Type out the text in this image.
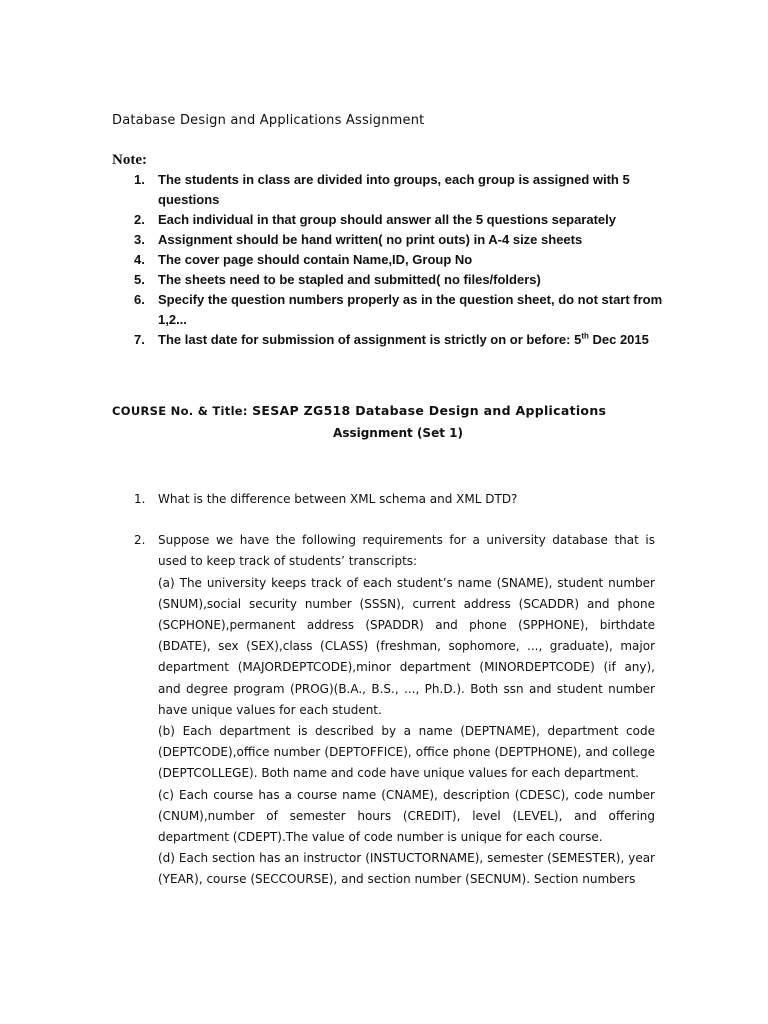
Database Design and Applications Assignment
Note:
1. The students in class are divided into groups, each group is assigned with 5 questions
2. Each individual in that group should answer all the 5 questions separately
3. Assignment should be hand written( no print outs) in A-4 size sheets
4. The cover page should contain Name,ID, Group No
5. The sheets need to be stapled and submitted( no files/folders)
6. Specify the question numbers properly as in the question sheet, do not start from 1,2...
7. The last date for submission of assignment is strictly on or before: 5th Dec 2015
COURSE No. & Title: SESAP ZG518 Database Design and Applications
Assignment (Set 1)
1. What is the difference between XML schema and XML DTD?
2. Suppose we have the following requirements for a university database that is used to keep track of students’ transcripts:
(a) The university keeps track of each student’s name (SNAME), student number (SNUM),social security number (SSSN), current address (SCADDR) and phone (SCPHONE),permanent address (SPADDR) and phone (SPPHONE), birthdate (BDATE), sex (SEX),class (CLASS) (freshman, sophomore, ..., graduate), major department (MAJORDEPTCODE),minor department (MINORDEPTCODE) (if any), and degree program (PROG)(B.A., B.S., ..., Ph.D.). Both ssn and student number have unique values for each student.
(b) Each department is described by a name (DEPTNAME), department code (DEPTCODE),office number (DEPTOFFICE), office phone (DEPTPHONE), and college (DEPTCOLLEGE). Both name and code have unique values for each department.
(c) Each course has a course name (CNAME), description (CDESC), code number (CNUM),number of semester hours (CREDIT), level (LEVEL), and offering department (CDEPT).The value of code number is unique for each course.
(d) Each section has an instructor (INSTUCTORNAME), semester (SEMESTER), year (YEAR), course (SECCOURSE), and section number (SECNUM). Section numbers
